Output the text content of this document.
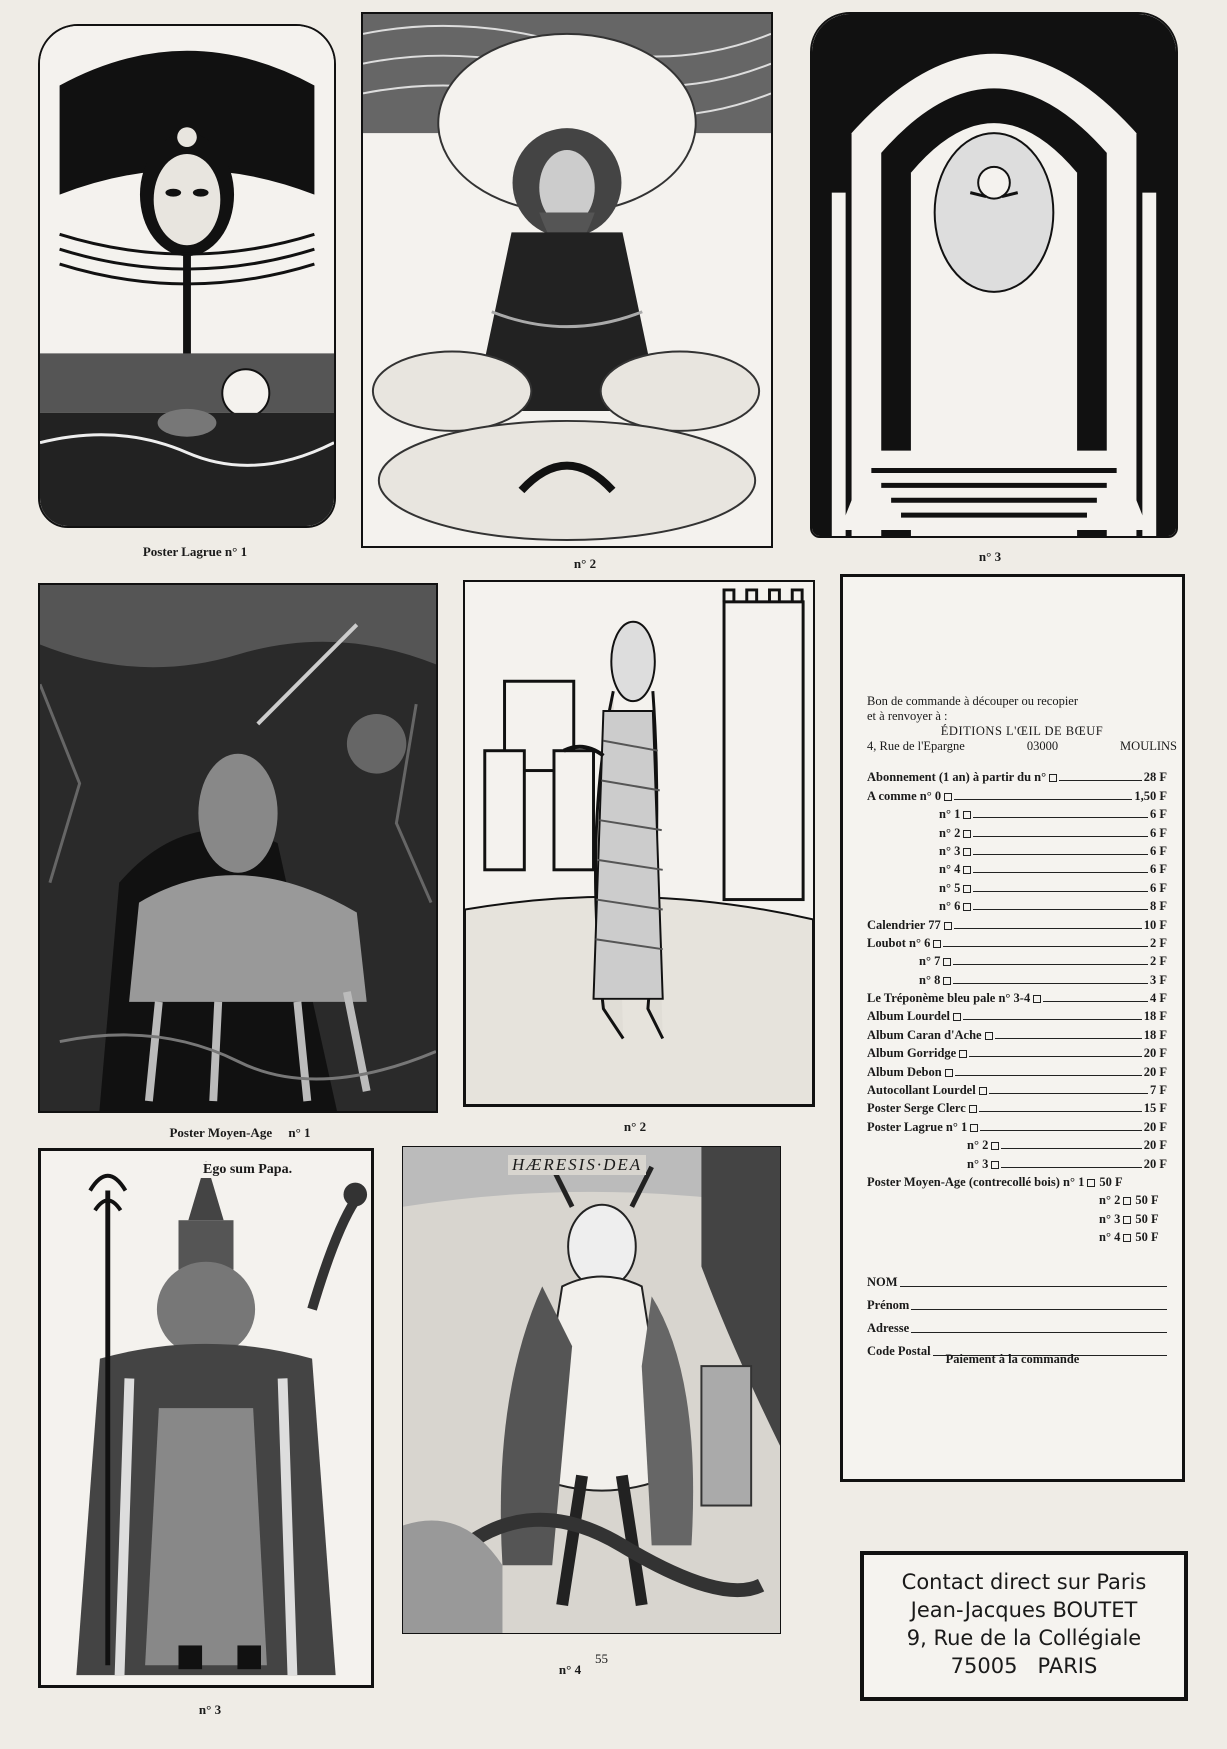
Poster Lagrue n° 1
n° 2	n° 3
Poster Moyen-Age n° 1	n° 2
Bon de commande à découper ou recopier
et à renvoyer à :
ÉDITIONS L'ŒIL DE BŒUF
4, Rue de l'Epargne	03000	MOULINS
Abonnement (1 an) à partir du n°	28 F
A comme n° 0	1,50 F
n° 1	6 F
n° 2	6 F
n° 3	6 F
n° 4	6 F
n° 5	6 F
n° 6	8 F
Calendrier 77	10 F
Loubot n° 6	2 F
n° 7	2 F
n° 8	3 F
Le Tréponème bleu pale n° 3-4	4 F
Album Lourdel	18 F
Album Caran d'Ache	18 F
Album Gorridge	20 F
Album Debon	20 F
Autocollant Lourdel	7 F
Poster Serge Clerc	15 F
Poster Lagrue n° 1	20 F
n° 2	20 F
n° 3	20 F
Poster Moyen-Age (contrecollé bois) n° 1 50 F
n° 2 50 F
n° 3 50 F
n° 4 50 F
NOM
Prénom
Adresse
Code Postal
Paiement à la commande
Ego sum Papa.
n° 3
HÆRESIS·DEA
n° 4
55
Contact direct sur Paris
Jean-Jacques BOUTET
9, Rue de la Collégiale
75005   PARIS
